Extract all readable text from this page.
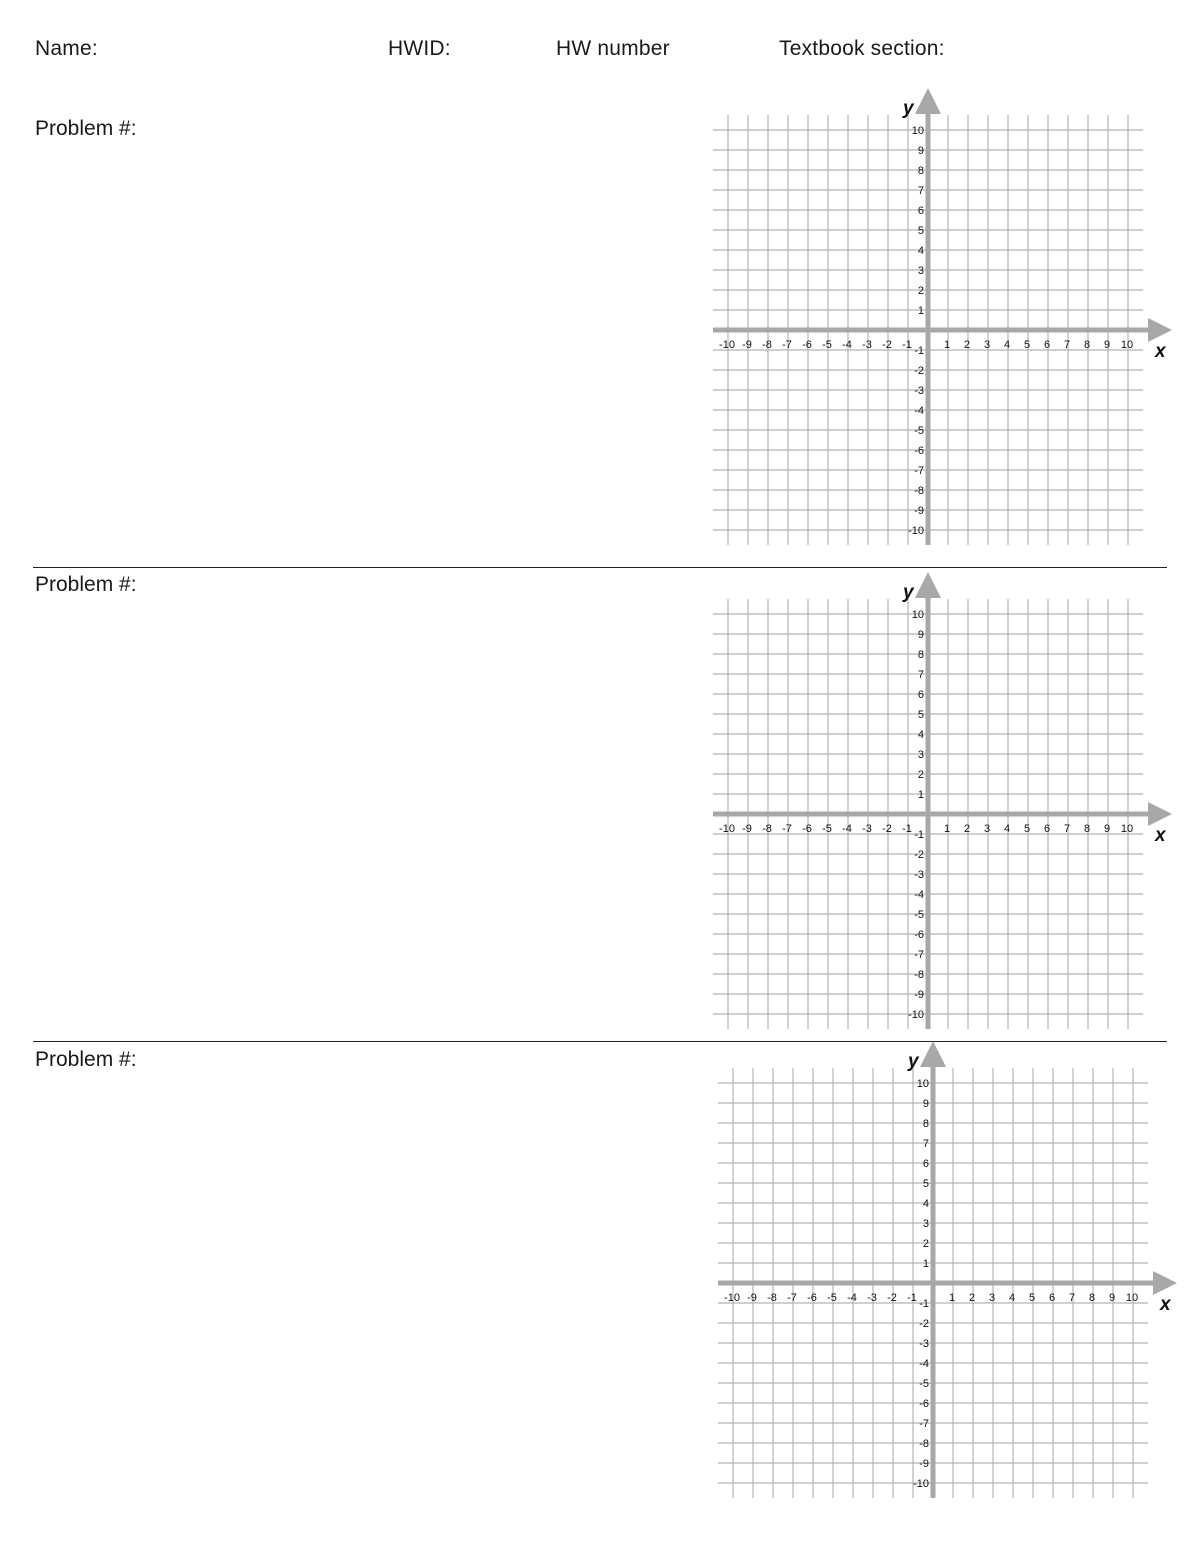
Name:	HWID:	HW number	Textbook section:
Problem #:
-10 -9 -8 -7 -6 -5 -4 -3 -2 -1	1 2 3 4 5 6 7 8 9 10
10
9
8
7
6
5
4
3
2
1
-1
-2
-3
-4
-5
-6
-7
-8
-9
-10
x
y
Problem #:
-10 -9 -8 -7 -6 -5 -4 -3 -2 -1	1 2 3 4 5 6 7 8 9 10
10
9
8
7
6
5
4
3
2
1
-1
-2
-3
-4
-5
-6
-7
-8
-9
-10
x
y
Problem #:
-10 -9 -8 -7 -6 -5 -4 -3 -2 -1	1 2 3 4 5 6 7 8 9 10
10
9
8
7
6
5
4
3
2
1
-1
-2
-3
-4
-5
-6
-7
-8
-9
-10
x
y
